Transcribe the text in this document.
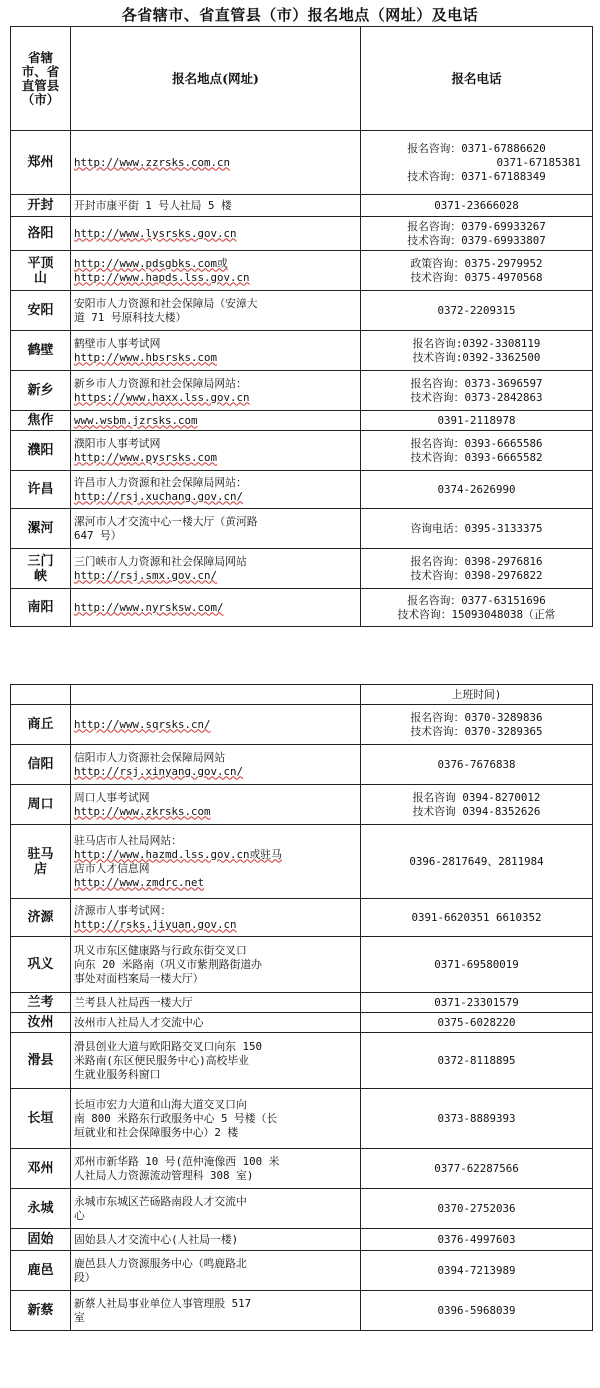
各省辖市、省直管县（市）报名地点（网址）及电话
省辖市、省直管县（市）	报名地点(网址)	报名电话
郑州	http://www.zzrsks.com.cn	报名咨询：0371-67886620
0371-67185381
技术咨询：0371-67188349

开封	开封市康平街 1 号人社局 5 楼	0371-23666028

洛阳	http://www.lysrsks.gov.cn	报名咨询：0379-69933267
技术咨询：0379-69933807

平顶山	http://www.pdsgbks.com或
http://www.hapds.lss.gov.cn	政策咨询：0375-2979952
技术咨询：0375-4970568

安阳	安阳市人力资源和社会保障局（安漳大
道 71 号原科技大楼）	0372-2209315

鹤壁	鹤壁市人事考试网
http://www.hbsrsks.com	报名咨询:0392-3308119
技术咨询:0392-3362500

新乡	新乡市人力资源和社会保障局网站：
https://www.haxx.lss.gov.cn	报名咨询：0373-3696597
技术咨询：0373-2842863

焦作	www.wsbm.jzrsks.com	0391-2118978

濮阳	濮阳市人事考试网
http://www.pysrsks.com	报名咨询：0393-6665586
技术咨询：0393-6665582

许昌	许昌市人力资源和社会保障局网站：
http://rsj.xuchang.gov.cn/	0374-2626990

漯河	漯河市人才交流中心一楼大厅（黄河路
647 号）	咨询电话：0395-3133375

三门峡	三门峡市人力资源和社会保障局网站
http://rsj.smx.gov.cn/	报名咨询：0398-2976816
技术咨询：0398-2976822

南阳	http://www.nyrsksw.com/	报名咨询：0377-63151696
技术咨询：15093048038（正常
		上班时间)
商丘	http://www.sqrsks.cn/	报名咨询：0370-3289836
技术咨询：0370-3289365

信阳	信阳市人力资源社会保障局网站
http://rsj.xinyang.gov.cn/	0376-7676838

周口	周口人事考试网
http://www.zkrsks.com	报名咨询 0394-8270012
技术咨询 0394-8352626

驻马店	驻马店市人社局网站：
http://www.hazmd.lss.gov.cn或驻马
店市人才信息网
http://www.zmdrc.net	0396-2817649、2811984

济源	济源市人事考试网：
http://rsks.jiyuan.gov.cn	0391-6620351 6610352

巩义	巩义市东区健康路与行政东街交叉口
向东 20 米路南（巩义市紫荆路街道办
事处对面档案局一楼大厅）	0371-69580019

兰考	兰考县人社局西一楼大厅	0371-23301579

汝州	汝州市人社局人才交流中心	0375-6028220

滑县	滑县创业大道与欧阳路交叉口向东 150
米路南(东区便民服务中心)高校毕业
生就业服务科窗口	0372-8118895

长垣	长垣市宏力大道和山海大道交叉口向
南 800 米路东行政服务中心 5 号楼（长
垣就业和社会保障服务中心）2 楼	0373-8889393

邓州	邓州市新华路 10 号(范仲淹像西 100 米
人社局人力资源流动管理科 308 室)	0377-62287566

永城	永城市东城区芒砀路南段人才交流中
心	0370-2752036

固始	固始县人才交流中心(人社局一楼)	0376-4997603

鹿邑	鹿邑县人力资源服务中心（鸣鹿路北
段）	0394-7213989

新蔡	新蔡人社局事业单位人事管理股 517
室	0396-5968039
